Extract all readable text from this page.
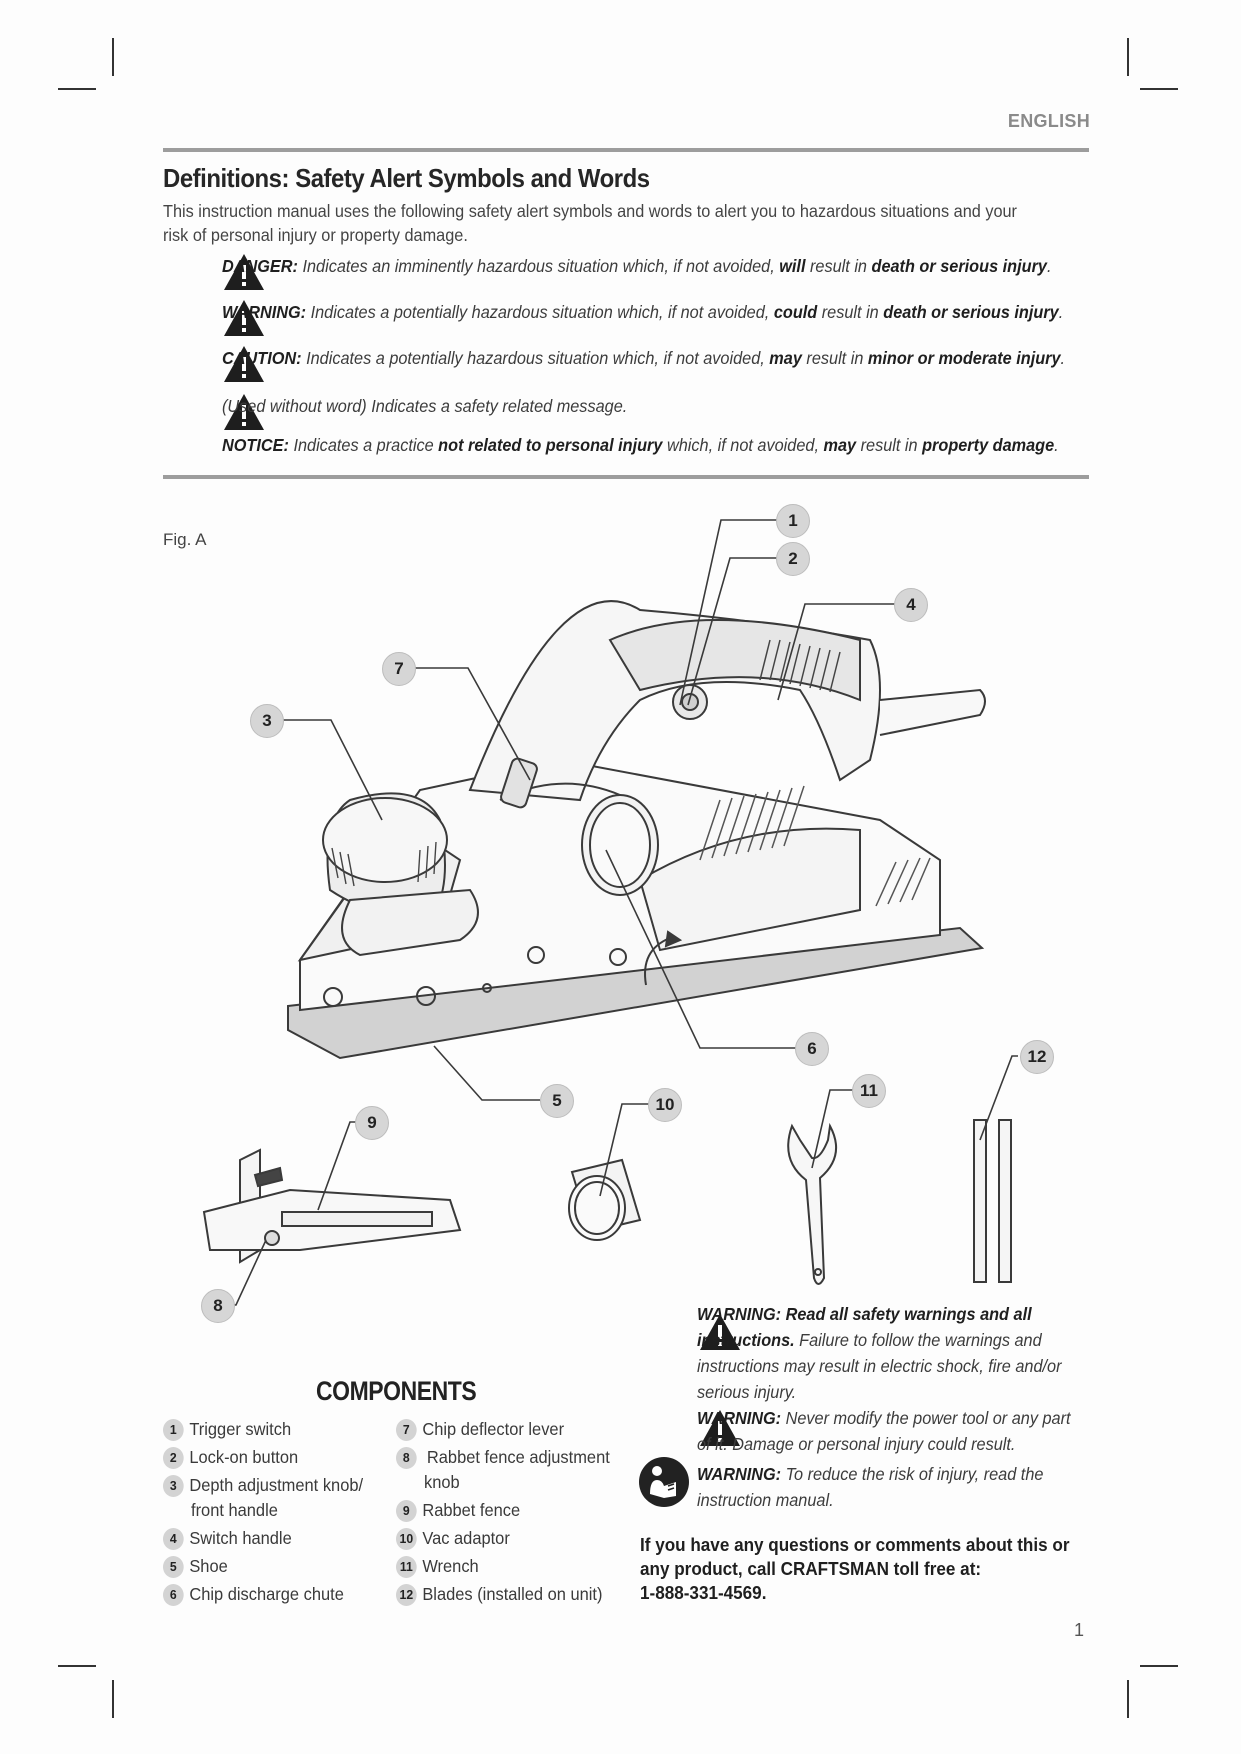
ENGLISH
Definitions: Safety Alert Symbols and Words
This instruction manual uses the following safety alert symbols and words to alert you to hazardous situations and your risk of personal injury or property damage.
DANGER: Indicates an imminently hazardous situation which, if not avoided, will result in death or serious injury.
WARNING: Indicates a potentially hazardous situation which, if not avoided, could result in death or serious injury.
CAUTION: Indicates a potentially hazardous situation which, if not avoided, may result in minor or moderate injury.
(Used without word) Indicates a safety related message.
NOTICE: Indicates a practice not related to personal injury which, if not avoided, may result in property damage.
Fig. A
1
2
3
4
5
6
7
8
9
10
11
12
COMPONENTS
1 Trigger switch
2 Lock-on button
3 Depth adjustment knob/
front handle
4 Switch handle
5 Shoe
6 Chip discharge chute
7 Chip deflector lever
8 Rabbet fence adjustment
knob
9 Rabbet fence
10 Vac adaptor
11 Wrench
12 Blades (installed on unit)
WARNING: Read all safety warnings and all instructions. Failure to follow the warnings and instructions may result in electric shock, fire and/or serious injury.
WARNING: Never modify the power tool or any part of it. Damage or personal injury could result.
WARNING: To reduce the risk of injury, read the instruction manual.
If you have any questions or comments about this or
any product, call CRAFTSMAN toll free at:
1-888-331-4569.
1
